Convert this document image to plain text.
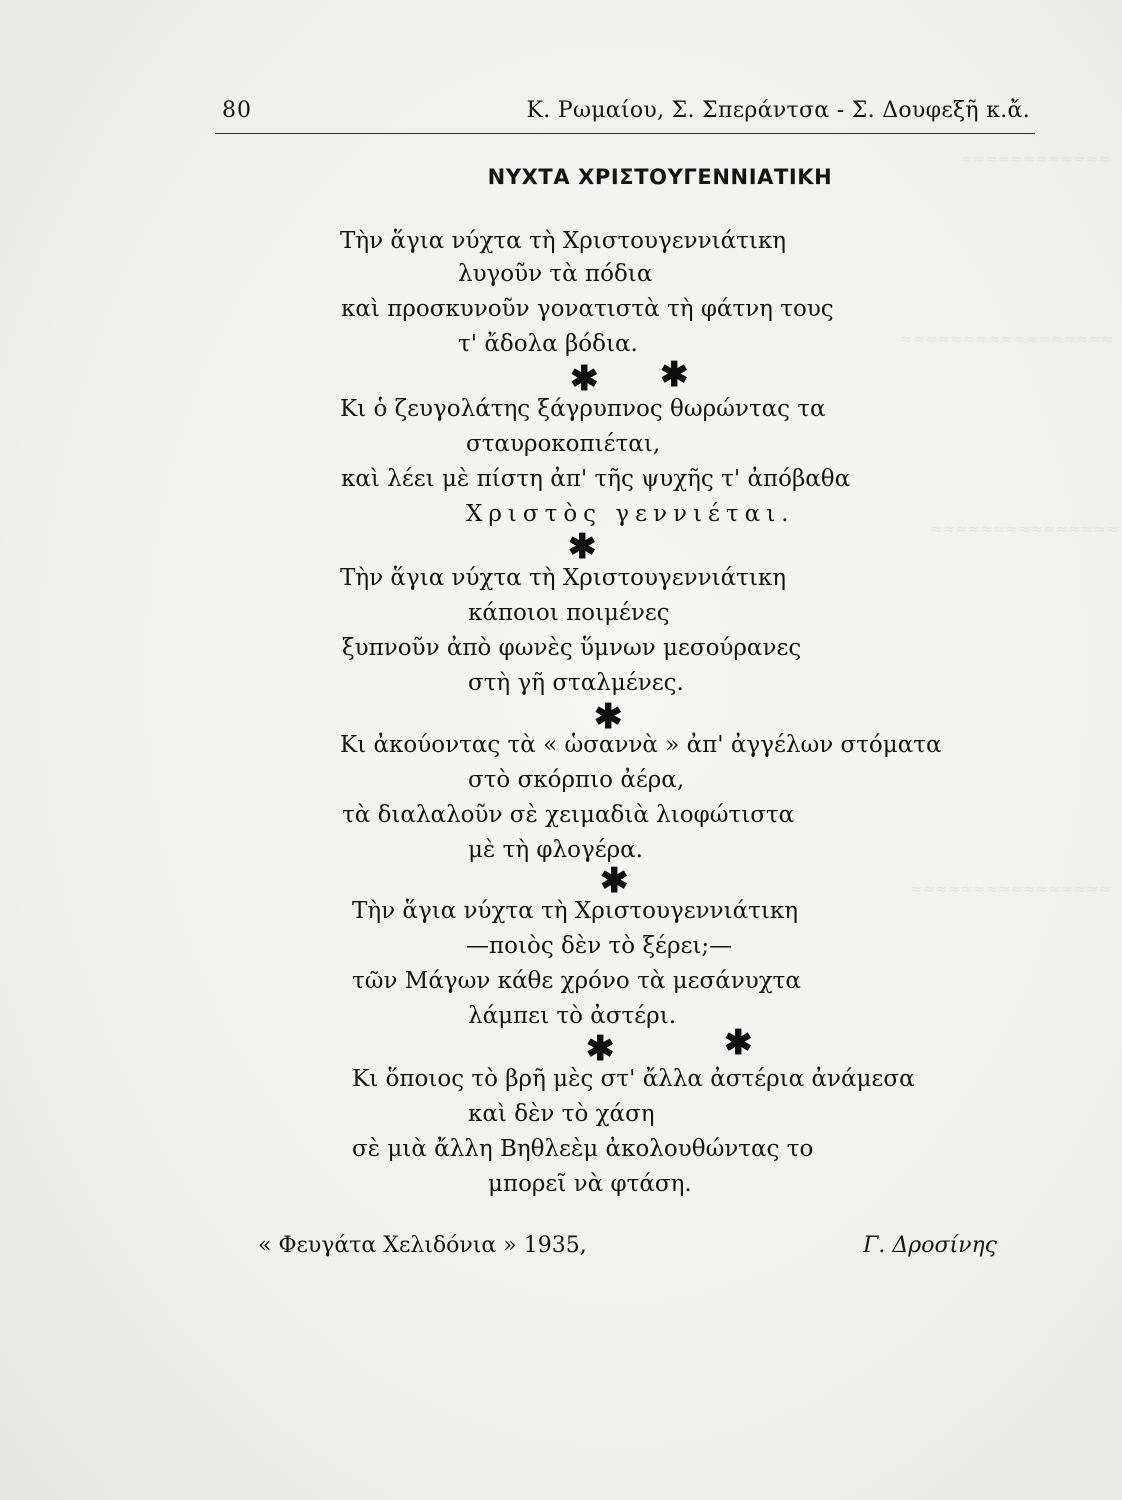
≈≈≈≈≈≈≈≈≈≈≈≈
≈≈≈≈≈≈≈≈≈≈≈≈≈≈≈≈≈
≈≈≈≈≈≈≈≈≈≈≈≈≈≈≈
≈≈≈≈≈≈≈≈≈≈≈≈≈≈≈≈
80	Κ. Ρωμαίου, Σ. Σπεράντσα - Σ. Δουφεξῆ κ.ἄ.
ΝΥΧΤΑ ΧΡΙΣΤΟΥΓΕΝΝΙΑΤΙΚΗ
Τὴν ἅγια νύχτα τὴ Χριστουγεννιάτικη
λυγοῦν τὰ πόδια
καὶ προσκυνοῦν γονατιστὰ τὴ φάτνη τους
τ' ἄδολα βόδια.
✱ ✱
Κι ὁ ζευγολάτης ξάγρυπνος θωρώντας τα
σταυροκοπιέται,
καὶ λέει μὲ πίστη ἀπ' τῆς ψυχῆς τ' ἀπόβαθα
Χριστὸς γεννιέται.
✱
Τὴν ἅγια νύχτα τὴ Χριστουγεννιάτικη
κάποιοι ποιμένες
ξυπνοῦν ἀπὸ φωνὲς ὕμνων μεσούρανες
στὴ γῆ σταλμένες.
✱
Κι ἀκούοντας τὰ « ὡσαννὰ » ἀπ' ἀγγέλων στόματα
στὸ σκόρπιο ἀέρα,
τὰ διαλαλοῦν σὲ χειμαδιὰ λιοφώτιστα
μὲ τὴ φλογέρα.
✱
Τὴν ἅγια νύχτα τὴ Χριστουγεννιάτικη
—ποιὸς δὲν τὸ ξέρει;—
τῶν Μάγων κάθε χρόνο τὰ μεσάνυχτα
λάμπει τὸ ἀστέρι.
✱	✱
Κι ὅποιος τὸ βρῆ μὲς στ' ἄλλα ἀστέρια ἀνάμεσα
καὶ δὲν τὸ χάση
σὲ μιὰ ἄλλη Βηθλεὲμ ἀκολουθώντας το
μπορεῖ νὰ φτάση.
« Φευγάτα Χελιδόνια » 1935,	Γ. Δροσίνης
